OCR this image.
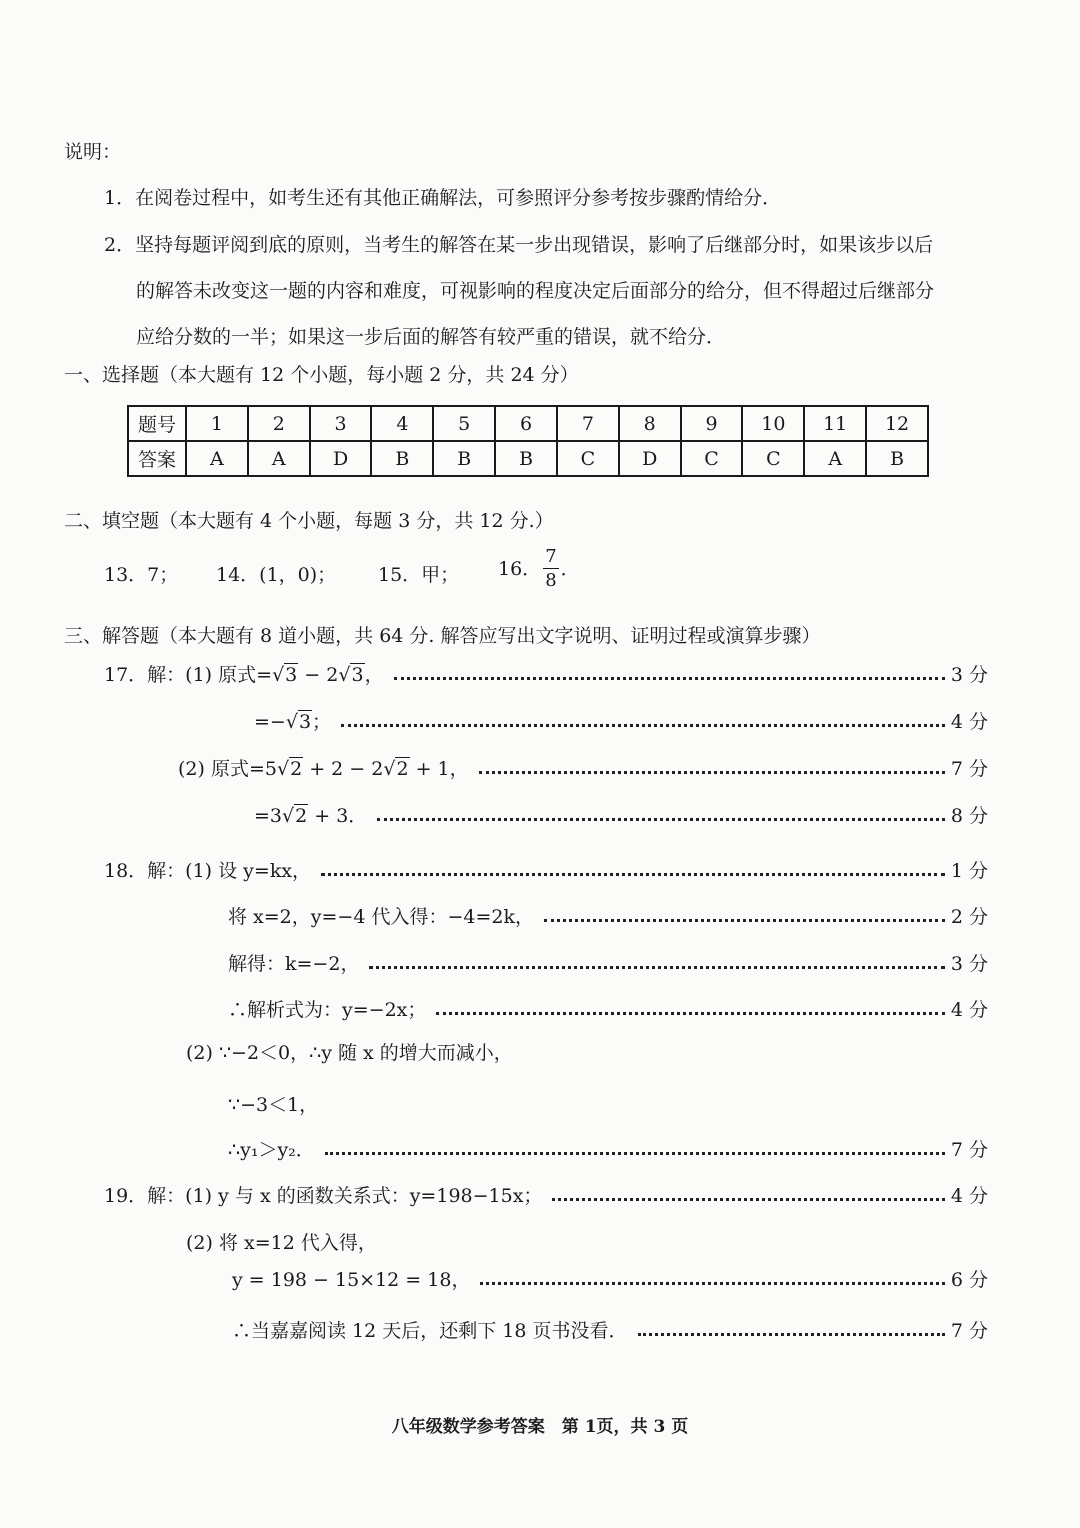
说明：
1．在阅卷过程中，如考生还有其他正确解法，可参照评分参考按步骤酌情给分．
2．坚持每题评阅到底的原则，当考生的解答在某一步出现错误，影响了后继部分时，如果该步以后
的解答未改变这一题的内容和难度，可视影响的程度决定后面部分的给分，但不得超过后继部分
应给分数的一半；如果这一步后面的解答有较严重的错误，就不给分．
一、选择题（本大题有 12 个小题，每小题 2 分，共 24 分）
题号	1	2	3	4	5	6	7	8	9	10	11	12
答案	A	A	D	B	B	B	C	D	C	C	A	B
二、填空题（本大题有 4 个小题，每题 3 分，共 12 分.）
13．7； 14．(1，0)； 15．甲； 16． $\frac{7}{8}$ ．
三、解答题（本大题有 8 道小题，共 64 分. 解答应写出文字说明、证明过程或演算步骤）
17．解：(1) 原式=√3 − 2√3，	3 分
=−√3；	4 分
(2) 原式=5√2 + 2 − 2√2 + 1，	7 分
=3√2 + 3．	8 分
18．解：(1) 设 y=kx，	1 分
将 x=2，y=−4 代入得：−4=2k，	2 分
解得：k=−2，	3 分
∴解析式为：y=−2x；	4 分
(2) ∵−2＜0，∴y 随 x 的增大而减小，
∵−3＜1，
∴y₁＞y₂．	7 分
19．解：(1) y 与 x 的函数关系式：y=198−15x；	4 分
(2) 将 x=12 代入得，
y = 198 − 15×12 = 18，	6 分
∴当嘉嘉阅读 12 天后，还剩下 18 页书没看．	7 分
八年级数学参考答案　第 1页，共 3 页
